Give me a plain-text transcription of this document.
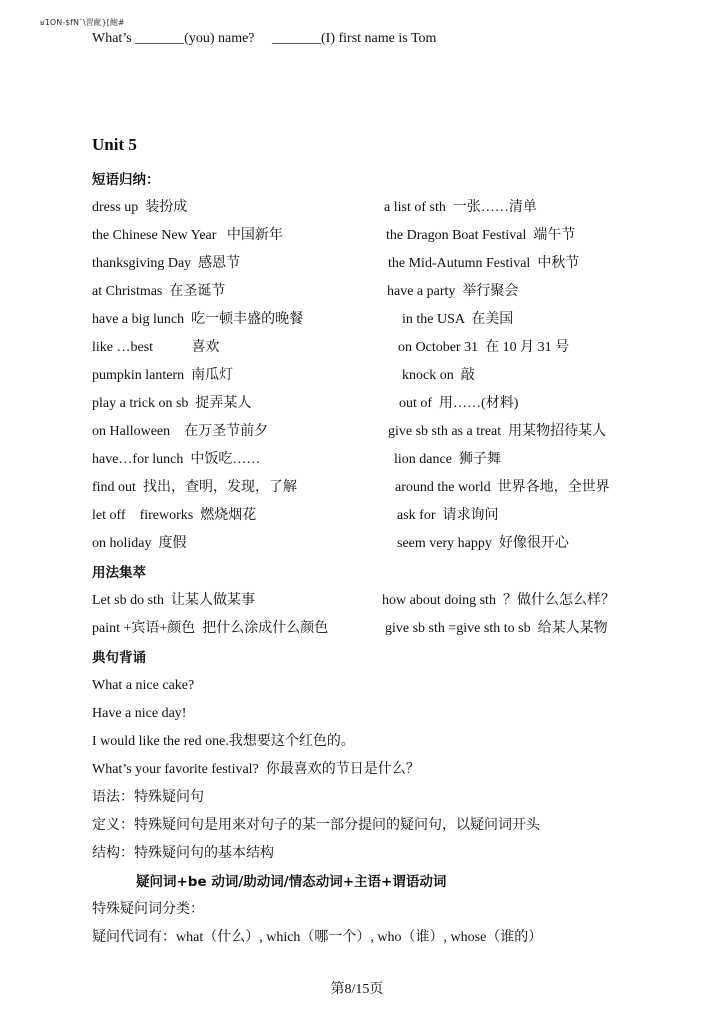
ʁ1ON-$fN`\習齔}[鮑#
What’s _______(you) name?     _______(I) first name is Tom
Unit 5
短语归纳：
dress up  装扮成	a list of sth  一张……清单
the Chinese New Year   中国新年	the Dragon Boat Festival  端午节
thanksgiving Day  感恩节	the Mid-Autumn Festival  中秋节
at Christmas  在圣诞节	have a party  举行聚会
have a big lunch  吃一顿丰盛的晚餐	in the USA  在美国
like …best           喜欢	on October 31  在 10 月 31 号
pumpkin lantern  南瓜灯	knock on  敲
play a trick on sb  捉弄某人	out of  用……(材料)
on Halloween    在万圣节前夕	give sb sth as a treat  用某物招待某人
have…for lunch  中饭吃……	lion dance  狮子舞
find out  找出，查明，发现，了解	around the world  世界各地，全世界
let off    fireworks  燃烧烟花	ask for  请求询问
on holiday  度假	seem very happy  好像很开心
用法集萃
Let sb do sth  让某人做某事	how about doing sth  ？做什么怎么样？
paint +宾语+颜色  把什么涂成什么颜色	give sb sth =give sth to sb  给某人某物
典句背诵
What a nice cake?
Have a nice day!
I would like the red one.我想要这个红色的。
What’s your favorite festival?  你最喜欢的节日是什么？
语法：特殊疑问句
定义：特殊疑问句是用来对句子的某一部分提问的疑问句，以疑问词开头
结构：特殊疑问句的基本结构
疑问词+be 动词/助动词/情态动词+主语+谓语动词
特殊疑问词分类：
疑问代词有：what（什么）, which（哪一个）, who（谁）, whose（谁的）
第8/15页
